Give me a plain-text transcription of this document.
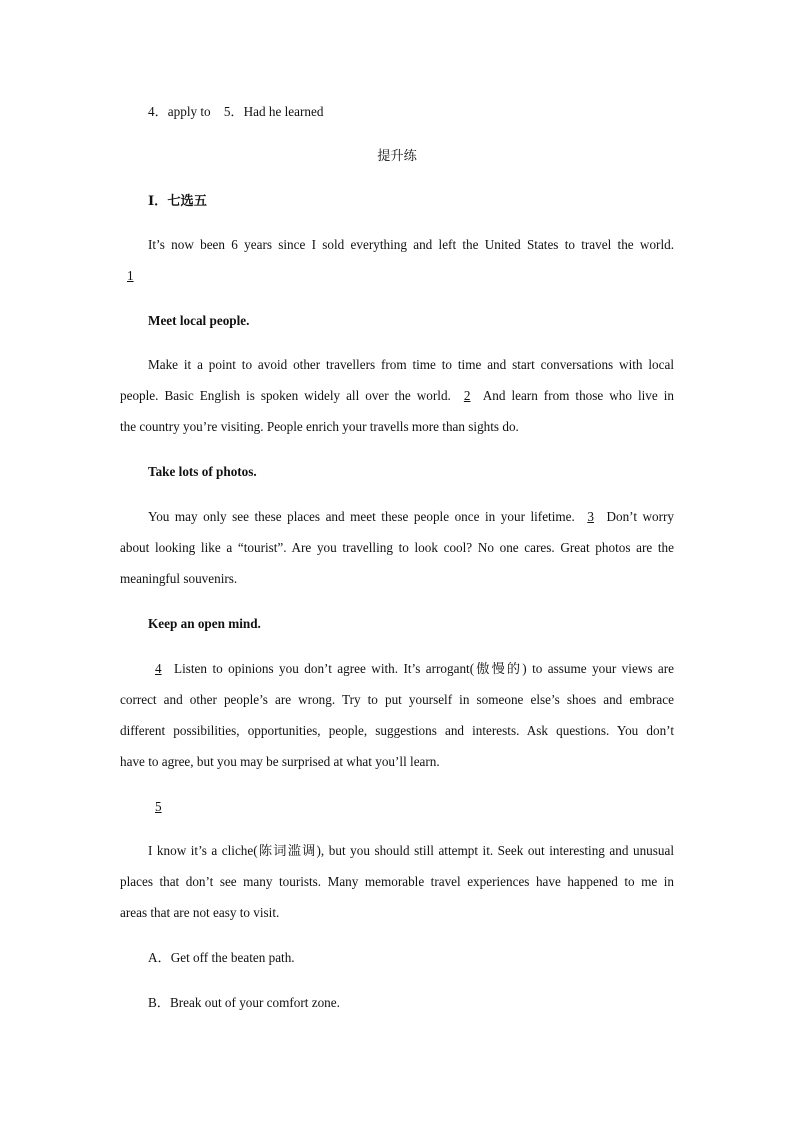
4．apply to 5．Had he learned

提升练

Ⅰ．七选五

It’s now been 6 years since I sold everything and left the United States to travel the world.

1

Meet local people.

Make it a point to avoid other travellers from time to time and start conversations with local

people. Basic English is spoken widely all over the world. 2 And learn from those who live in

the country you’re visiting. People enrich your travells more than sights do.

Take lots of photos.

You may only see these places and meet these people once in your lifetime. 3 Don’t worry

about looking like a “tourist”. Are you travelling to look cool? No one cares. Great photos are the

meaningful souvenirs.

Keep an open mind.

4 Listen to opinions you don’t agree with. It’s arrogant(傲慢的) to assume your views are

correct and other people’s are wrong. Try to put yourself in someone else’s shoes and embrace

different possibilities, opportunities, people, suggestions and interests. Ask questions. You don’t

have to agree, but you may be surprised at what you’ll learn.

5

I know it’s a cliche(陈词滥调), but you should still attempt it. Seek out interesting and unusual

places that don’t see many tourists. Many memorable travel experiences have happened to me in

areas that are not easy to visit.

A．Get off the beaten path.

B．Break out of your comfort zone.
